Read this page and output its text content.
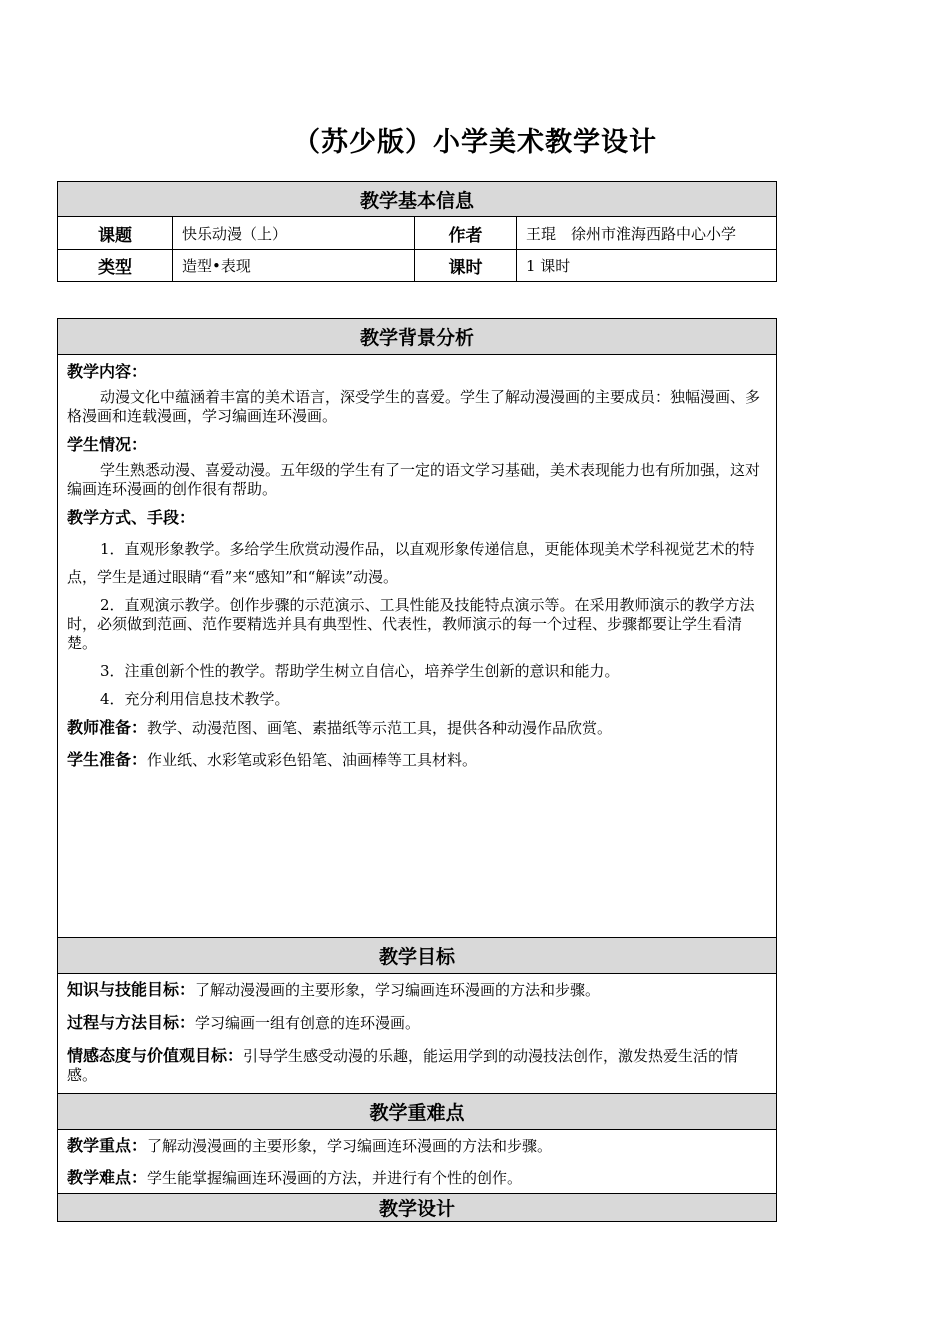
（苏少版）小学美术教学设计
教学基本信息			
课题	快乐动漫（上）	作者	王琨　徐州市淮海西路中心小学
类型	造型•表现	课时	1 课时
教学背景分析

教学内容：

动漫文化中蕴涵着丰富的美术语言，深受学生的喜爱。学生了解动漫漫画的主要成员：独幅漫画、多格漫画和连载漫画，学习编画连环漫画。

学生情况：

学生熟悉动漫、喜爱动漫。五年级的学生有了一定的语文学习基础，美术表现能力也有所加强，这对编画连环漫画的创作很有帮助。

教学方式、手段：

1．直观形象教学。多给学生欣赏动漫作品，以直观形象传递信息，更能体现美术学科视觉艺术的特点，学生是通过眼睛“看”来“感知”和“解读”动漫。

2．直观演示教学。创作步骤的示范演示、工具性能及技能特点演示等。在采用教师演示的教学方法时，必须做到范画、范作要精选并具有典型性、代表性，教师演示的每一个过程、步骤都要让学生看清楚。

3．注重创新个性的教学。帮助学生树立自信心，培养学生创新的意识和能力。

4．充分利用信息技术教学。

教师准备：教学、动漫范图、画笔、素描纸等示范工具，提供各种动漫作品欣赏。

学生准备：作业纸、水彩笔或彩色铅笔、油画棒等工具材料。

教学目标

知识与技能目标：了解动漫漫画的主要形象，学习编画连环漫画的方法和步骤。

过程与方法目标：学习编画一组有创意的连环漫画。

情感态度与价值观目标：引导学生感受动漫的乐趣，能运用学到的动漫技法创作，激发热爱生活的情感。

教学重难点

教学重点：了解动漫漫画的主要形象，学习编画连环漫画的方法和步骤。

教学难点：学生能掌握编画连环漫画的方法，并进行有个性的创作。

教学设计
